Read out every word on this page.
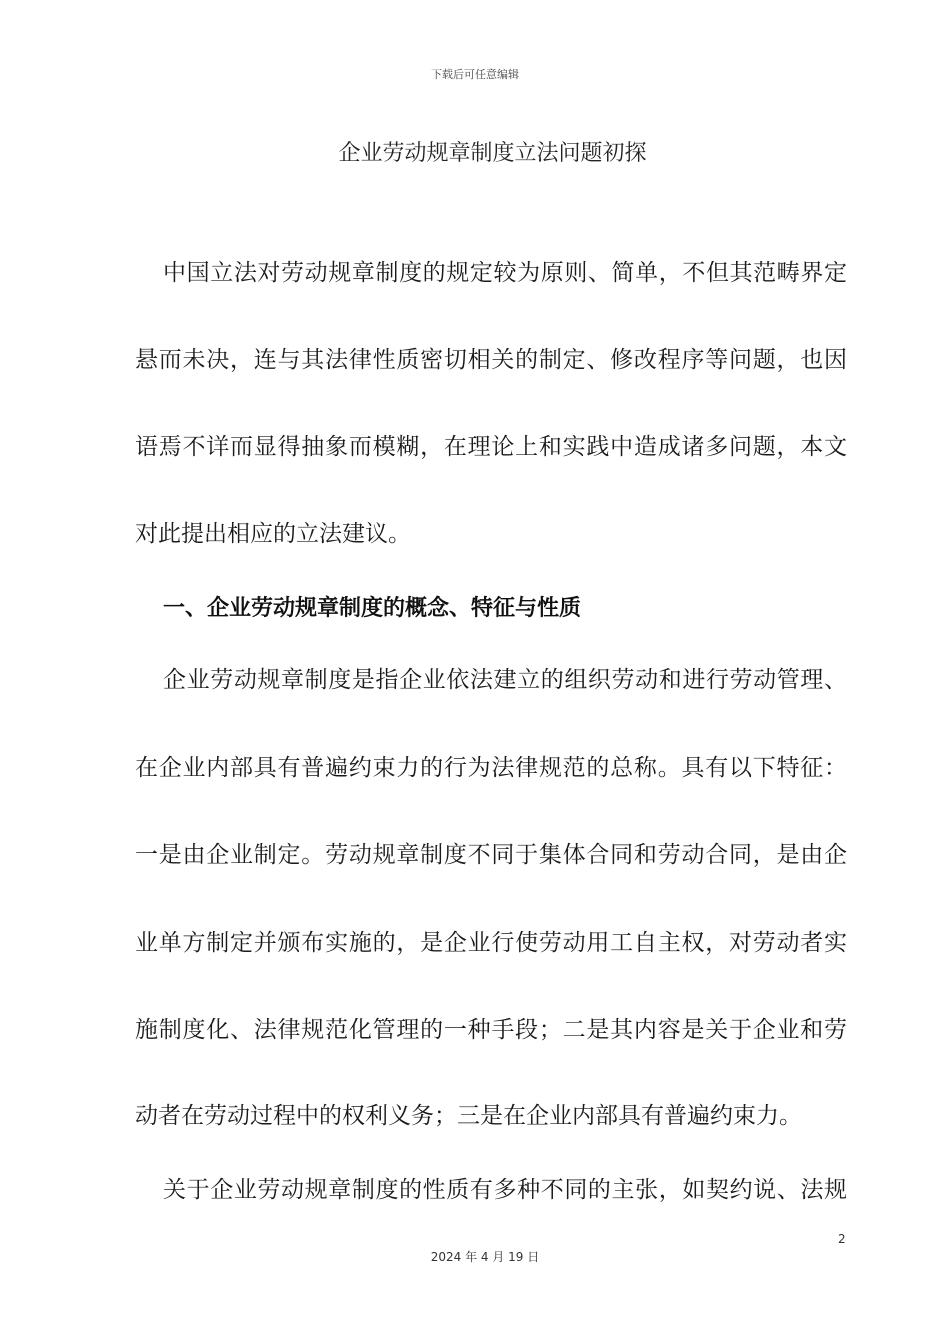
下载后可任意编辑
企业劳动规章制度立法问题初探
中国立法对劳动规章制度的规定较为原则、简单，不但其范畴界定
悬而未决，连与其法律性质密切相关的制定、修改程序等问题，也因
语焉不详而显得抽象而模糊，在理论上和实践中造成诸多问题，本文
对此提出相应的立法建议。
一、企业劳动规章制度的概念、特征与性质
企业劳动规章制度是指企业依法建立的组织劳动和进行劳动管理、
在企业内部具有普遍约束力的行为法律规范的总称。具有以下特征：
一是由企业制定。劳动规章制度不同于集体合同和劳动合同，是由企
业单方制定并颁布实施的，是企业行使劳动用工自主权，对劳动者实
施制度化、法律规范化管理的一种手段；二是其内容是关于企业和劳
动者在劳动过程中的权利义务；三是在企业内部具有普遍约束力。
关于企业劳动规章制度的性质有多种不同的主张，如契约说、法规
2
2024 年 4 月 19 日
